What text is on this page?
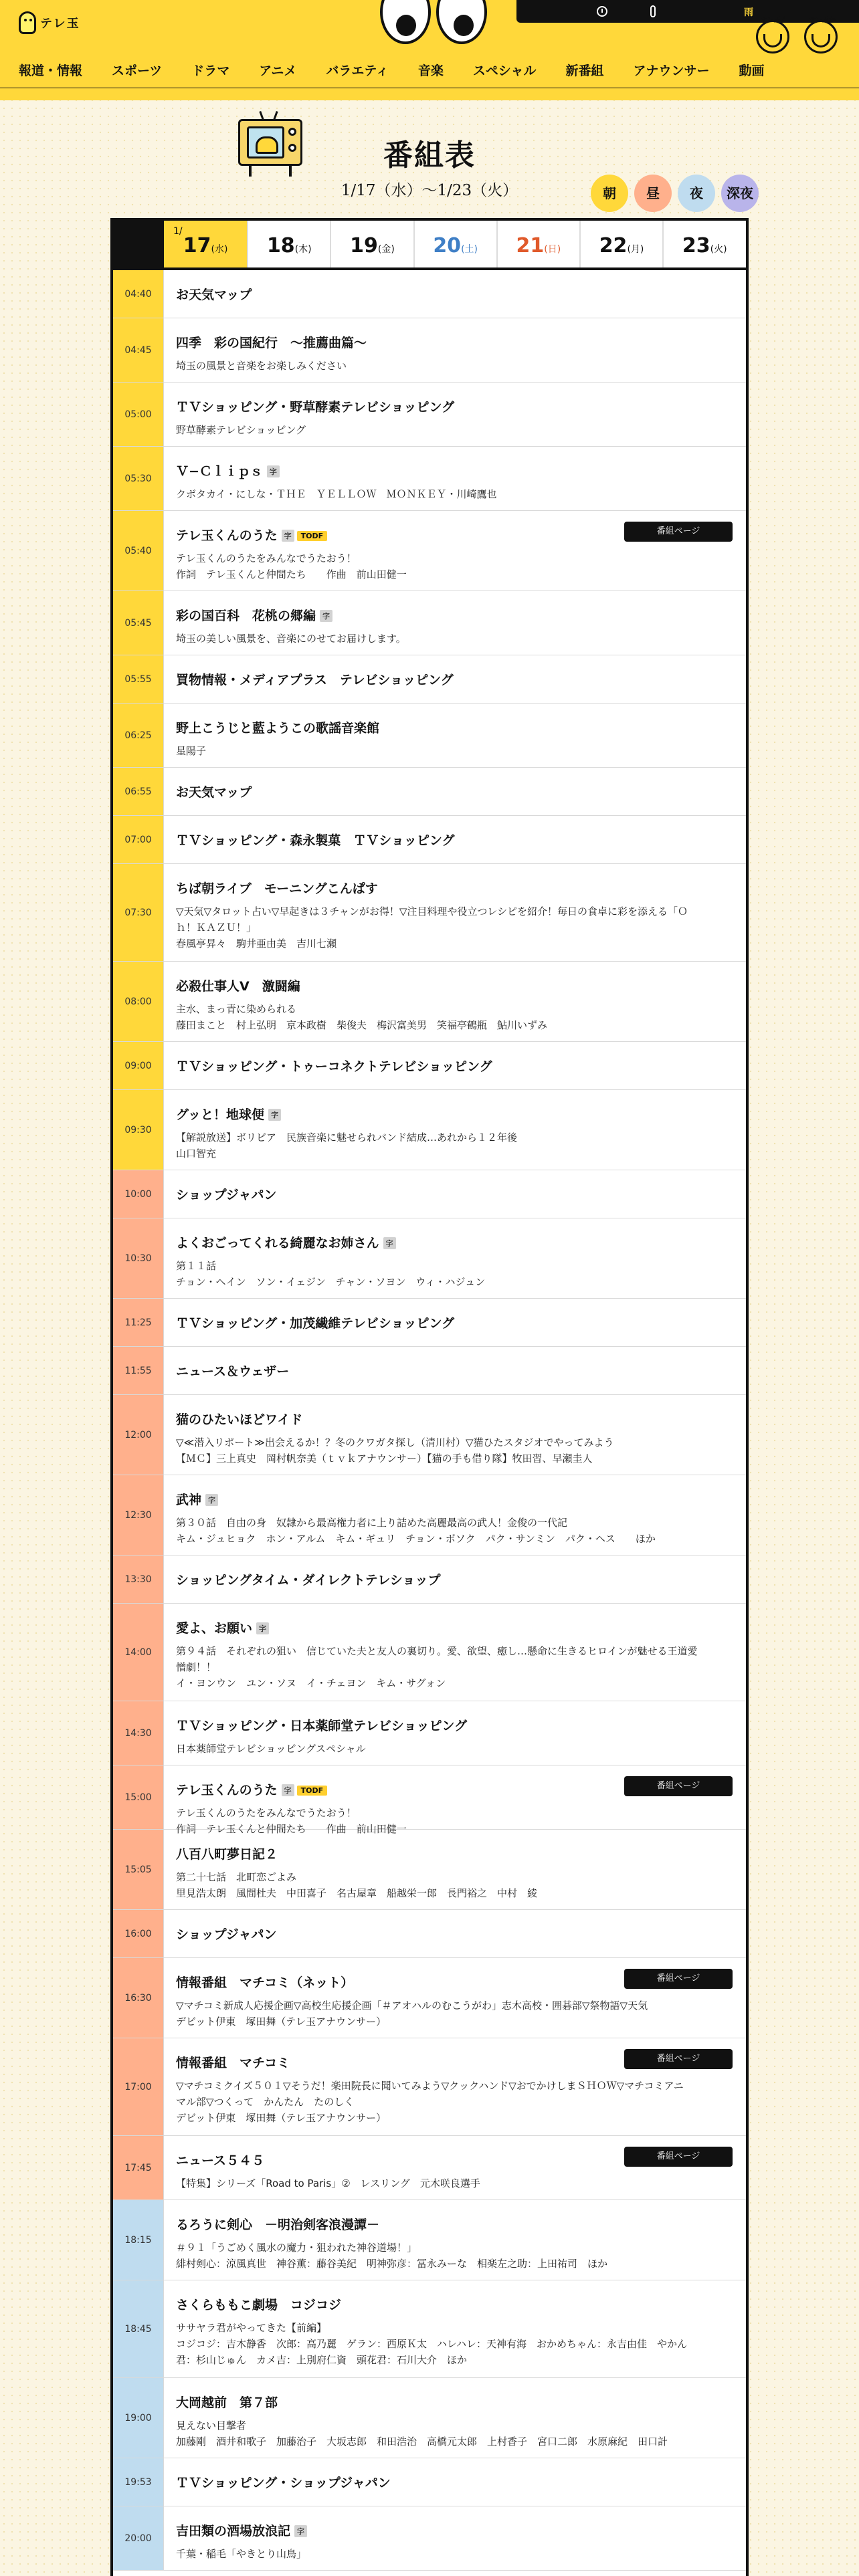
テレ玉
雨
テレ玉く	テレ玉か
報道・情報 スポーツ ドラマ アニメ バラエティ 音楽 スペシャル 新番組 アナウンサー 動画
番組表
1/17（水）〜1/23（火）	朝	昼	夜	深夜
1/
17(水)	18(木)	19(金)	20(土)	21(日)	22(月)	23(火)
04:40	お天気マップ
04:45	四季　彩の国紀行　〜推薦曲篇〜
埼玉の風景と音楽をお楽しみください
05:00	ＴＶショッピング・野草酵素テレビショッピング
野草酵素テレビショッピング
05:30	Ｖ−Ｃｌｉｐｓ 字
クボタカイ・にしな・ＴＨＥ　ＹＥＬＬＯＷ　ＭＯＮＫＥＹ・川崎鷹也
05:40
テレ玉くんのうた 字 TODF
テレ玉くんのうたをみんなでうたおう！
作詞　テレ玉くんと仲間たち　　作曲　前山田健一
番組ページ
05:45	彩の国百科　花桃の郷編 字
埼玉の美しい風景を、音楽にのせてお届けします。
05:55	買物情報・メディアプラス　テレビショッピング
06:25	野上こうじと藍ようこの歌謡音楽館
星陽子
06:55	お天気マップ
07:00	ＴＶショッピング・森永製菓　ＴＶショッピング
07:30
ちば朝ライブ　モーニングこんぱす
▽天気▽タロット占い▽早起きは３チャンがお得！▽注目料理や役立つレシピを紹介！毎日の食卓に彩を添える「Ｏ
ｈ！ＫＡＺＵ！」
春風亭昇々　駒井亜由美　吉川七瀬
08:00
必殺仕事人Ⅴ　激闘編
主水、まっ青に染められる
藤田まこと　村上弘明　京本政樹　柴俊夫　梅沢富美男　笑福亭鶴瓶　鮎川いずみ
09:00	ＴＶショッピング・トゥーコネクトテレビショッピング
09:30
グッと！地球便 字
【解説放送】ボリビア　民族音楽に魅せられバンド結成…あれから１２年後
山口智充
10:00	ショップジャパン
10:30
よくおごってくれる綺麗なお姉さん 字
第１１話
チョン・ヘイン　ソン・イェジン　チャン・ソヨン　ウィ・ハジュン
11:25	ＴＶショッピング・加茂繊維テレビショッピング
11:55	ニュース＆ウェザー
12:00
猫のひたいほどワイド
▽≪潜入リポート≫出会えるか！？冬のクワガタ探し（清川村）▽猫ひたスタジオでやってみよう
【ＭＣ】三上真史　岡村帆奈美（ｔｖｋアナウンサー）【猫の手も借り隊】牧田習、早瀬圭人
12:30
武神 字
第３０話　自由の身　奴隷から最高権力者に上り詰めた高麗最高の武人！金俊の一代記
キム・ジュヒョク　ホン・アルム　キム・ギュリ　チョン・ボソク　パク・サンミン　パク・ヘス　　ほか
13:30	ショッピングタイム・ダイレクトテレショップ
14:00
愛よ、お願い 字
第９４話　それぞれの狙い　信じていた夫と友人の裏切り。愛、欲望、癒し…懸命に生きるヒロインが魅せる王道愛
憎劇！！
イ・ヨンウン　ユン・ソヌ　イ・チェヨン　キム・サグォン
14:30	ＴＶショッピング・日本薬師堂テレビショッピング
日本薬師堂テレビショッピングスペシャル
15:00	テレ玉くんのうた 字 TODF
テレ玉くんのうたをみんなでうたおう！
作詞　テレ玉くんと仲間たち　　作曲　前山田健一
番組ページ
15:05
八百八町夢日記２
第二十七話　北町恋ごよみ
里見浩太朗　風間杜夫　中田喜子　名古屋章　船越栄一郎　長門裕之　中村　綾
16:00	ショップジャパン
16:30
情報番組　マチコミ（ネット）
▽マチコミ新成人応援企画▽高校生応援企画「＃アオハルのむこうがわ」志木高校・囲碁部▽祭物語▽天気
デビット伊東　塚田舞（テレ玉アナウンサー）
番組ページ
17:00
情報番組　マチコミ
▽マチコミクイズ５０１▽そうだ！楽田院長に聞いてみよう▽クックハンド▽おでかけしまＳＨＯＷ▽マチコミアニ
マル部▽つくって　かんたん　たのしく
デビット伊東　塚田舞（テレ玉アナウンサー）
番組ページ
17:45	ニュース５４５
【特集】シリーズ「Road to Paris」②　レスリング　元木咲良選手
番組ページ
18:15
るろうに剣心　－明治剣客浪漫譚－
＃９１「うごめく風水の魔力・狙われた神谷道場！」
緋村剣心：涼風真世　神谷薫：藤谷美紀　明神弥彦：冨永みーな　相楽左之助：上田祐司　ほか
18:45
さくらももこ劇場　コジコジ
ササヤラ君がやってきた【前編】
コジコジ：吉木静香　次郎：高乃麗　ゲラン：西原Ｋ太　ハレハレ：天神有海　おかめちゃん：永吉由佳　やかん
君：杉山じゅん　カメ吉：上別府仁資　頭花君：石川大介　ほか
19:00
大岡越前　第７部
見えない目撃者
加藤剛　酒井和歌子　加藤治子　大坂志郎　和田浩治　高橋元太郎　上村香子　宮口二郎　水原麻紀　田口計
19:53	ＴＶショッピング・ショップジャパン
20:00	吉田類の酒場放浪記 字
千葉・稲毛「やきとり山鳥」
